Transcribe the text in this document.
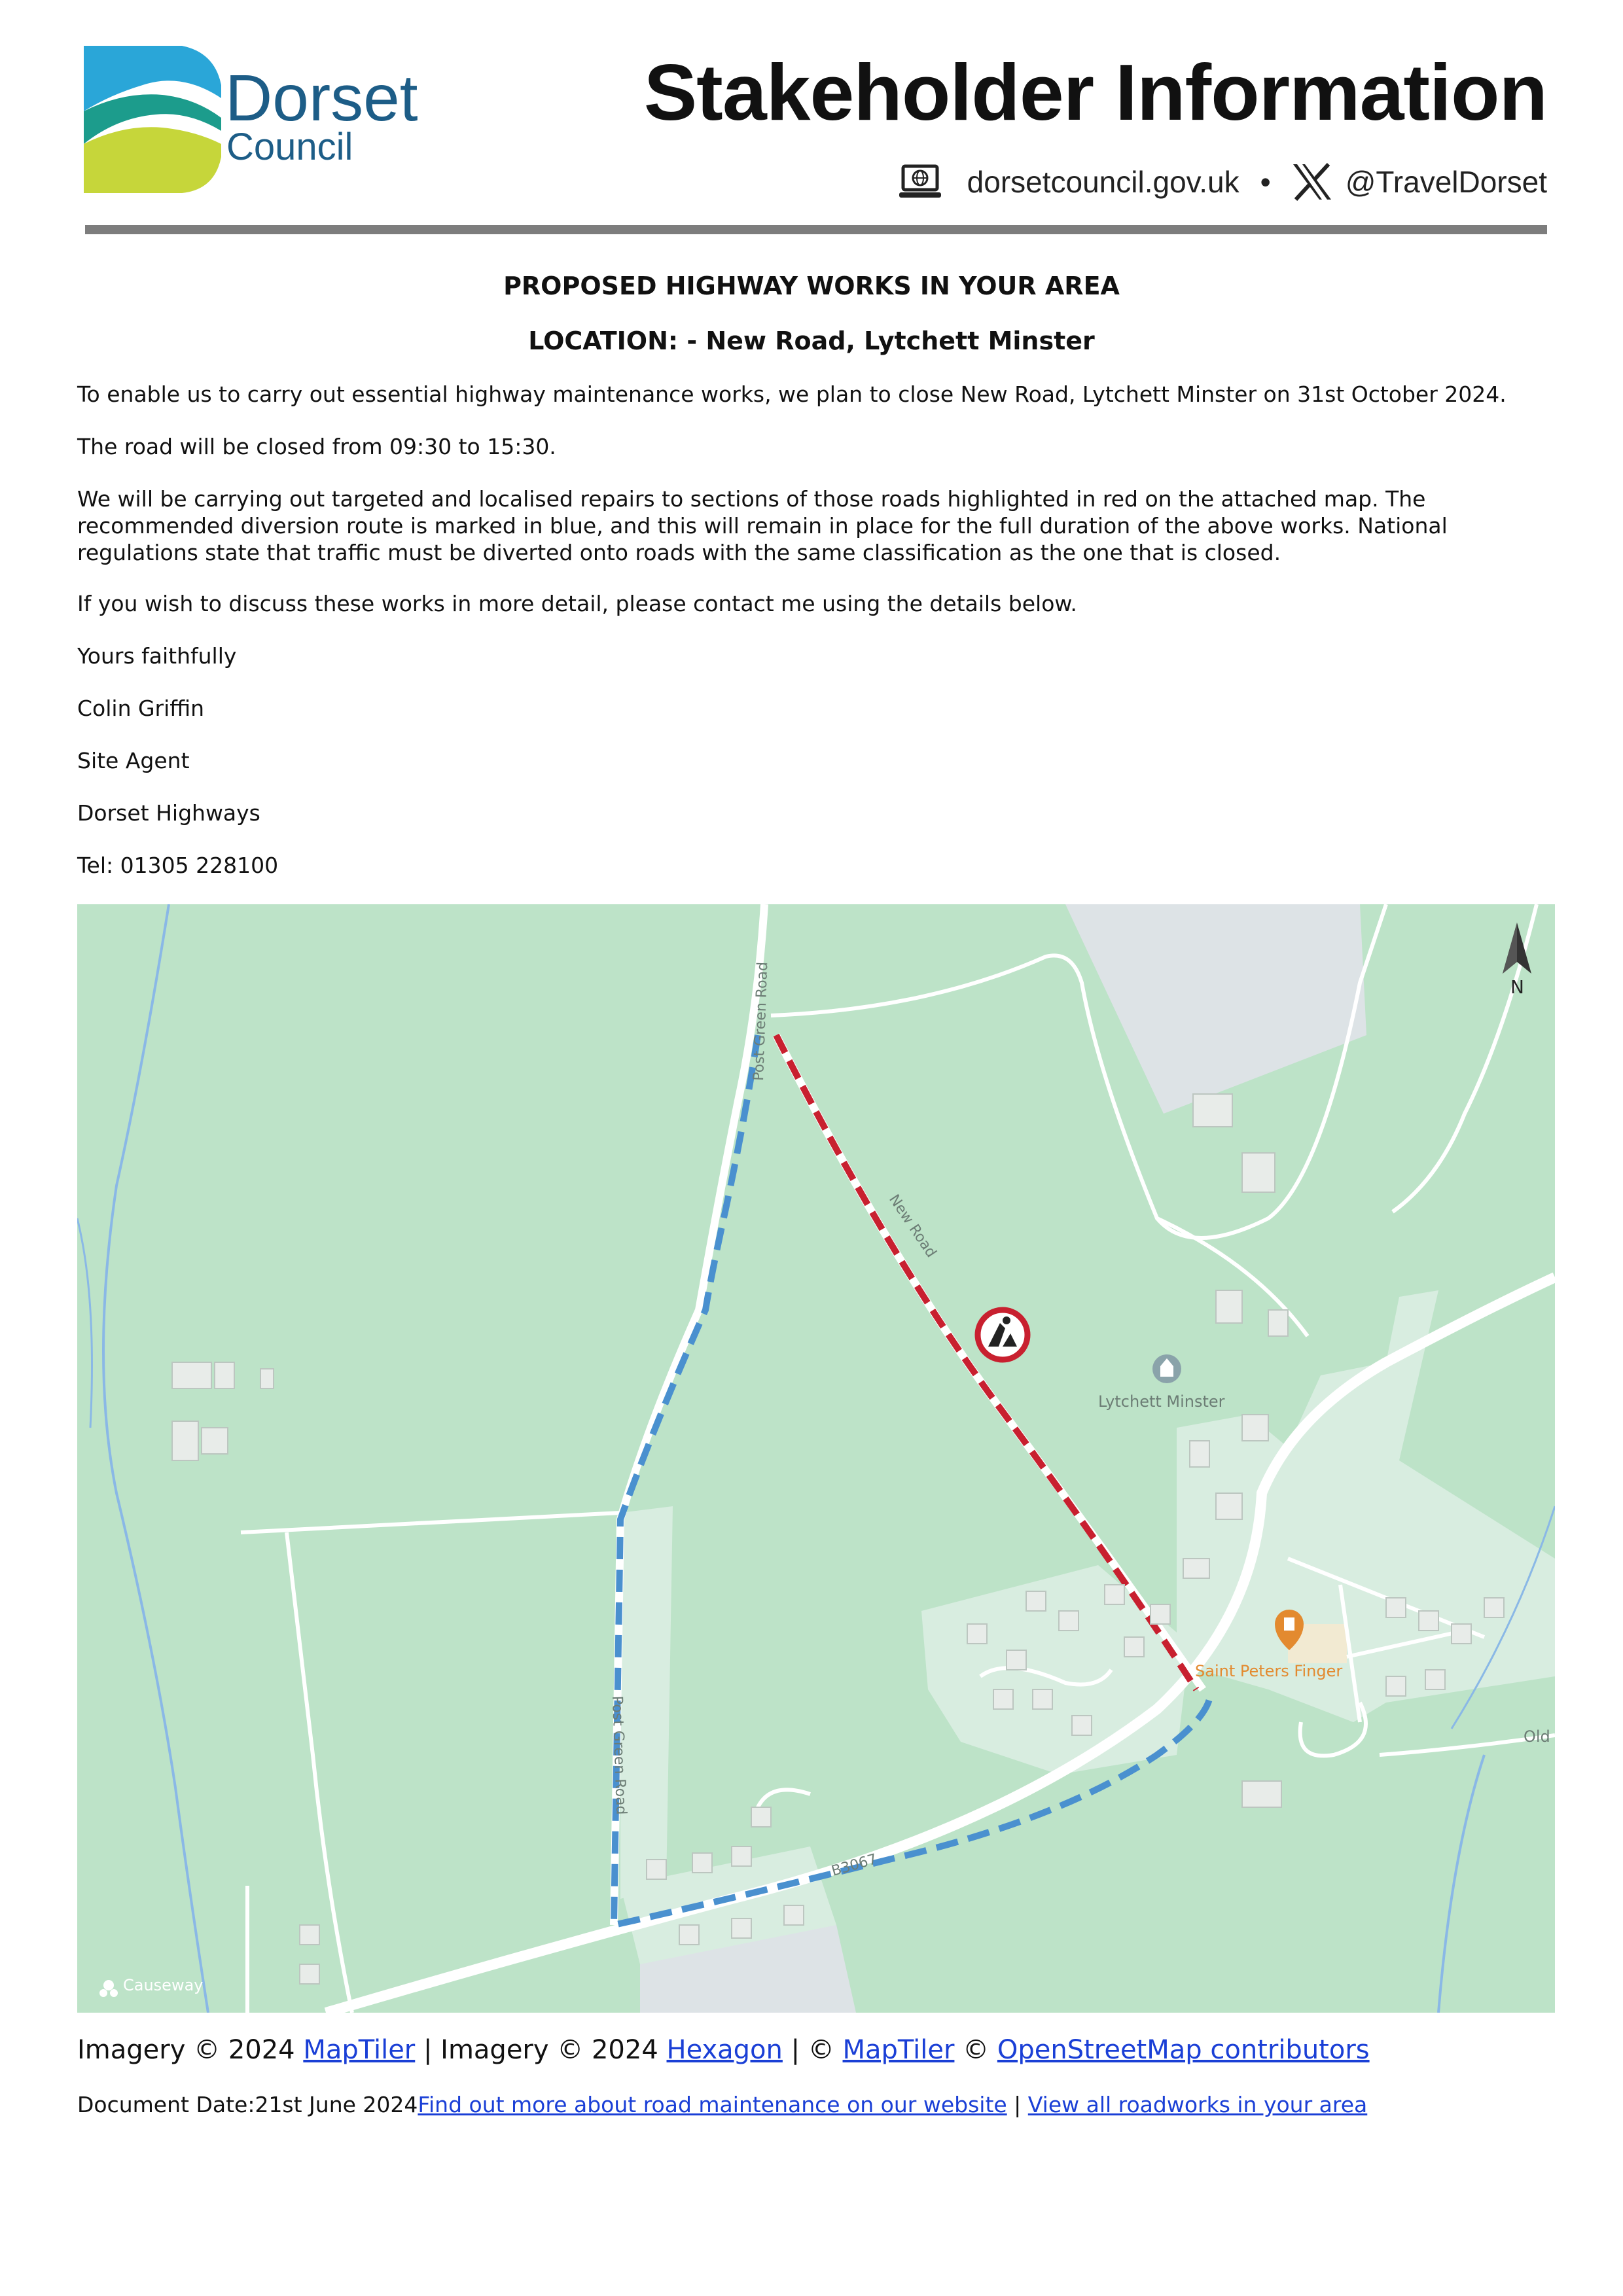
Dorset
Council
Stakeholder Information
dorsetcouncil.gov.uk • @TravelDorset
PROPOSED HIGHWAY WORKS IN YOUR AREA
LOCATION: - New Road, Lytchett Minster
To enable us to carry out essential highway maintenance works, we plan to close New Road, Lytchett Minster on 31st October 2024.
The road will be closed from 09:30 to 15:30.
We will be carrying out targeted and localised repairs to sections of those roads highlighted in red on the attached map. The
recommended diversion route is marked in blue, and this will remain in place for the full duration of the above works. National
regulations state that traffic must be diverted onto roads with the same classification as the one that is closed.
If you wish to discuss these works in more detail, please contact me using the details below.
Yours faithfully
Colin Griffin
Site Agent
Dorset Highways
Tel: 01305 228100
Post Green Road
Post Green Road
New Road
B3067
Lytchett Minster
Old
Causeway
Saint Peters Finger
N
Imagery © 2024 MapTiler | Imagery © 2024 Hexagon | © MapTiler © OpenStreetMap contributors
Document Date:21st June 2024Find out more about road maintenance on our website | View all roadworks in your area
